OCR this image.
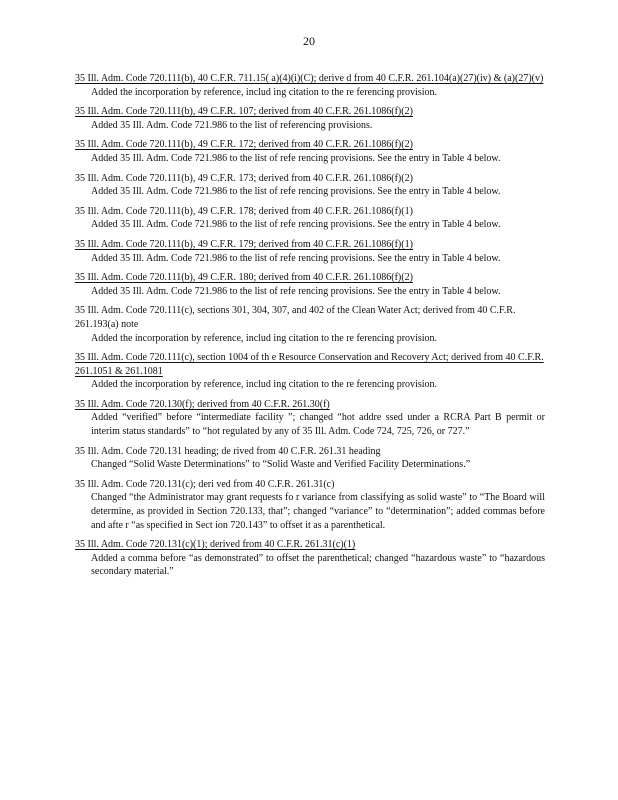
20
35 Ill. Adm. Code 720.111(b), 40 C.F.R. 711.15( a)(4)(i)(C); derive d from 40 C.F.R. 261.104(a)(27)(iv) & (a)(27)(v)
Added the incorporation by reference, includ ing citation to the re ferencing provision.
35 Ill. Adm. Code 720.111(b), 49 C.F.R. 107; derived from 40 C.F.R. 261.1086(f)(2)
Added 35 Ill. Adm. Code 721.986 to the list of referencing provisions.
35 Ill. Adm. Code 720.111(b), 49 C.F.R. 172; derived from 40 C.F.R. 261.1086(f)(2)
Added 35 Ill. Adm. Code 721.986 to the list of refe rencing provisions. See the entry in Table 4 below.
35 Ill. Adm. Code 720.111(b), 49 C.F.R. 173; derived from 40 C.F.R. 261.1086(f)(2)
Added 35 Ill. Adm. Code 721.986 to the list of refe rencing provisions. See the entry in Table 4 below.
35 Ill. Adm. Code 720.111(b), 49 C.F.R. 178; derived from 40 C.F.R. 261.1086(f)(1)
Added 35 Ill. Adm. Code 721.986 to the list of refe rencing provisions. See the entry in Table 4 below.
35 Ill. Adm. Code 720.111(b), 49 C.F.R. 179; derived from 40 C.F.R. 261.1086(f)(1)
Added 35 Ill. Adm. Code 721.986 to the list of refe rencing provisions. See the entry in Table 4 below.
35 Ill. Adm. Code 720.111(b), 49 C.F.R. 180; derived from 40 C.F.R. 261.1086(f)(2)
Added 35 Ill. Adm. Code 721.986 to the list of refe rencing provisions. See the entry in Table 4 below.
35 Ill. Adm. Code 720.111(c), sections 301, 304, 307, and 402 of the Clean Water Act; derived from 40 C.F.R. 261.193(a) note
Added the incorporation by reference, includ ing citation to the re ferencing provision.
35 Ill. Adm. Code 720.111(c), section 1004 of th e Resource Conservation and Recovery Act; derived from 40 C.F.R. 261.1051 & 261.1081
Added the incorporation by reference, includ ing citation to the re ferencing provision.
35 Ill. Adm. Code 720.130(f); derived from 40 C.F.R. 261.30(f)
Added “verified” before “intermediate facility ”; changed “hot addre ssed under a RCRA Part B permit or interim status standards” to “hot regulated by any of 35 Ill. Adm. Code 724, 725, 726, or 727.”
35 Ill. Adm. Code 720.131 heading; de rived from 40 C.F.R. 261.31 heading
Changed “Solid Waste Determinations” to “Solid Waste and Verified Facility Determinations.”
35 Ill. Adm. Code 720.131(c); deri ved from 40 C.F.R. 261.31(c)
Changed “the Administrator may grant requests fo r variance from classifying as solid waste” to “The Board will determine, as provided in Section 720.133, that”; changed “variance” to “determination”; added commas before and afte r “as specified in Sect ion 720.143” to offset it as a parenthetical.
35 Ill. Adm. Code 720.131(c)(1); derived from 40 C.F.R. 261.31(c)(1)
Added a comma before “as demonstrated” to offset the parenthetical; changed “hazardous waste” to “hazardous secondary material.”
